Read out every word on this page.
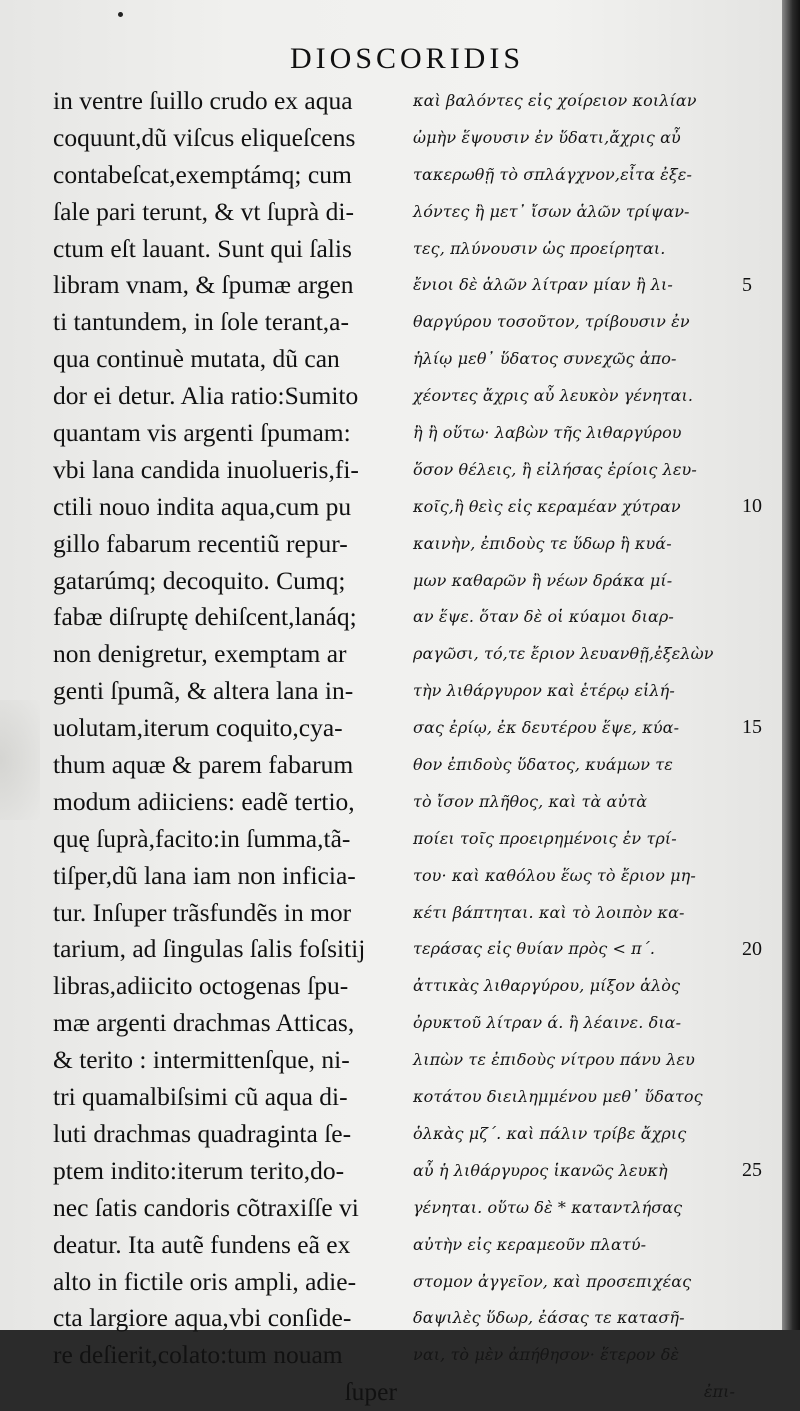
DIOSCORIDIS
in ventre ſuillo crudo ex aqua
coquunt,dũ viſcus eliqueſcens
contabeſcat,exemptámq; cum
ſale pari terunt, & vt ſuprà di-
ctum eſt lauant. Sunt qui ſalis
libram vnam, & ſpumæ argen
ti tantundem, in ſole terant,a-
qua continuè mutata, dũ can
dor ei detur. Alia ratio:Sumito
quantam vis argenti ſpumam:
vbi lana candida inuolueris,fi-
ctili nouo indita aqua,cum pu
gillo fabarum recentiũ repur-
gatarúmq; decoquito. Cumq;
fabæ diſruptę dehiſcent,lanáq;
non denigretur, exemptam ar
genti ſpumã, & altera lana in-
uolutam,iterum coquito,cya-
thum aquæ & parem fabarum
modum adiiciens: eadẽ tertio,
quę ſuprà,facito:in ſumma,tã-
tiſper,dũ lana iam non inficia-
tur. Inſuper trãsfundẽs in mor
tarium, ad ſingulas ſalis foſsitij
libras,adiicito octogenas ſpu-
mæ argenti drachmas Atticas,
& terito : intermittenſque, ni-
tri quamalbiſsimi cũ aqua di-
luti drachmas quadraginta ſe-
ptem indito:iterum terito,do-
nec ſatis candoris cõtraxiſſe vi
deatur. Ita autẽ fundens eã ex
alto in fictile oris ampli, adie-
cta largiore aqua,vbi conſide-
re deſierit,colato:tum nouam
ſuper
καὶ βαλόντες εἰς χοίρειον κοιλίαν
ὠμὴν ἕψουσιν ἐν ὕδατι,ἄχρις αὖ
τακερωθῇ τὸ σπλάγχνον,εἶτα ἐξε-
λόντες ἢ μετ᾽ ἴσων ἁλῶν τρίψαν-
τες, πλύνουσιν ὡς προείρηται.
ἔνιοι δὲ ἁλῶν λίτραν μίαν ἢ λι-
θαργύρου τοσοῦτον, τρίβουσιν ἐν
ἡλίῳ μεθ᾽ ὕδατος συνεχῶς ἀπο-
χέοντες ἄχρις αὖ λευκὸν γένηται.
ἢ ἢ οὕτω· λαβὼν τῆς λιθαργύρου
ὅσον θέλεις, ἢ εἰλήσας ἐρίοις λευ-
κοῖς,ἢ θεὶς εἰς κεραμέαν χύτραν
καινὴν, ἐπιδοὺς τε ὕδωρ ἢ κυά-
μων καθαρῶν ἢ νέων δράκα μί-
αν ἕψε. ὅταν δὲ οἱ κύαμοι διαρ-
ραγῶσι, τό,τε ἔριον λευανθῇ,ἐξελὼν
τὴν λιθάργυρον καὶ ἑτέρῳ εἰλή-
σας ἐρίῳ, ἐκ δευτέρου ἕψε, κύα-
θον ἐπιδοὺς ὕδατος, κυάμων τε
τὸ ἴσον πλῆθος, καὶ τὰ αὐτὰ
ποίει τοῖς προειρημένοις ἐν τρί-
του· καὶ καθόλου ἕως τὸ ἔριον μη-
κέτι βάπτηται. καὶ τὸ λοιπὸν κα-
τεράσας εἰς θυίαν πρὸς < π΄.
ἀττικὰς λιθαργύρου, μίξον ἁλὸς
ὀρυκτοῦ λίτραν ά. ἢ λέαινε. δια-
λιπὼν τε ἐπιδοὺς νίτρου πάνυ λευ
κοτάτου διειλημμένου μεθ᾽ ὕδατος
ὁλκὰς μζ΄. καὶ πάλιν τρίβε ἄχρις
αὖ ἡ λιθάργυρος ἱκανῶς λευκὴ
γένηται. οὕτω δὲ * καταντλήσας
αὐτὴν εἰς κεραμεοῦν πλατύ-
στομον ἀγγεῖον, καὶ προσεπιχέας
δαψιλὲς ὕδωρ, ἐάσας τε κατασῆ-
ναι, τὸ μὲν ἀπήθησον· ἕτερον δὲ
ἐπι-
5
10
15
20
25
